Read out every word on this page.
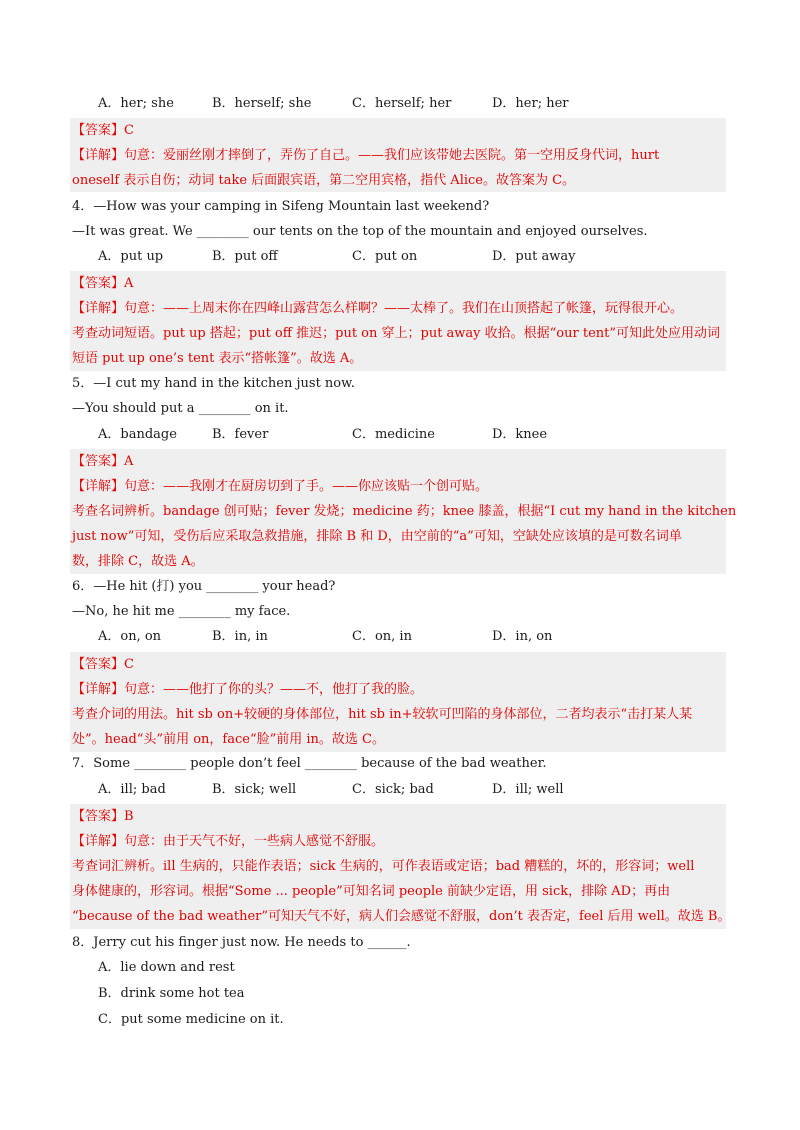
A．her; she	B．herself; she	C．herself; her	D．her; her
【答案】C
【详解】句意：爱丽丝刚才摔倒了，弄伤了自己。——我们应该带她去医院。第一空用反身代词，hurt
oneself 表示自伤；动词 take 后面跟宾语，第二空用宾格，指代 Alice。故答案为 C。
4．—How was your camping in Sifeng Mountain last weekend?
—It was great. We ________ our tents on the top of the mountain and enjoyed ourselves.
A．put up	B．put off	C．put on	D．put away
【答案】A
【详解】句意：——上周末你在四峰山露营怎么样啊？——太棒了。我们在山顶搭起了帐篷，玩得很开心。
考查动词短语。put up 搭起；put off 推迟；put on 穿上；put away 收拾。根据“our tent”可知此处应用动词
短语 put up one’s tent 表示“搭帐篷”。故选 A。
5．—I cut my hand in the kitchen just now.
—You should put a ________ on it.
A．bandage	B．fever	C．medicine	D．knee
【答案】A
【详解】句意：——我刚才在厨房切到了手。——你应该贴一个创可贴。
考查名词辨析。bandage 创可贴；fever 发烧；medicine 药；knee 膝盖，根据“I cut my hand in the kitchen
just now”可知，受伤后应采取急救措施，排除 B 和 D，由空前的“a”可知，空缺处应该填的是可数名词单
数，排除 C，故选 A。
6．—He hit (打) you ________ your head?
—No, he hit me ________ my face.
A．on, on	B．in, in	C．on, in	D．in, on
【答案】C
【详解】句意：——他打了你的头？——不，他打了我的脸。
考查介词的用法。hit sb on+较硬的身体部位，hit sb in+较软可凹陷的身体部位，二者均表示“击打某人某
处”。head“头”前用 on，face“脸”前用 in。故选 C。
7．Some ________ people don’t feel ________ because of the bad weather.
A．ill; bad	B．sick; well	C．sick; bad	D．ill; well
【答案】B
【详解】句意：由于天气不好，一些病人感觉不舒服。
考查词汇辨析。ill 生病的，只能作表语；sick 生病的，可作表语或定语；bad 糟糕的，坏的，形容词；well
身体健康的，形容词。根据“Some ... people”可知名词 people 前缺少定语，用 sick，排除 AD；再由
“because of the bad weather”可知天气不好，病人们会感觉不舒服，don’t 表否定，feel 后用 well。故选 B。
8．Jerry cut his finger just now. He needs to ______.
A．lie down and rest
B．drink some hot tea
C．put some medicine on it.
